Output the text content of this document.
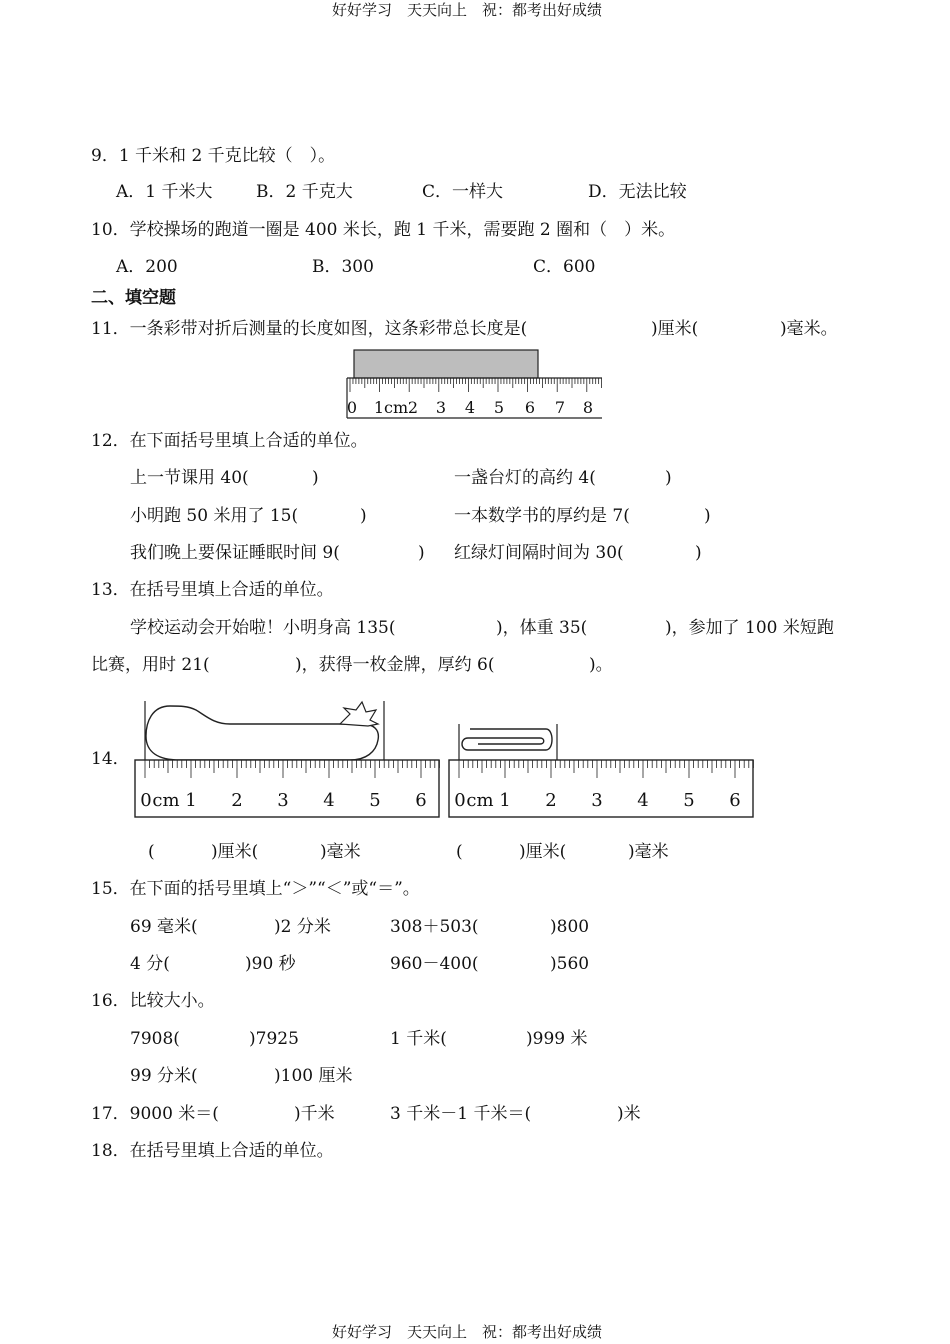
好好学习　天天向上　祝：都考出好成绩
好好学习　天天向上　祝：都考出好成绩
9．1 千米和 2 千克比较（　）。
A．1 千米大	B．2 千克大	C．一样大	D．无法比较
10．学校操场的跑道一圈是 400 米长，跑 1 千米，需要跑 2 圈和（　）米。
A．200	B．300	C．600
二、填空题
11．一条彩带对折后测量的长度如图，这条彩带总长度是(	)厘米(	)毫米。
0 1cm 2 3 4 5 6 7 8
12．在下面括号里填上合适的单位。
上一节课用 40(	)	一盏台灯的高约 4(	)
小明跑 50 米用了 15(	)	一本数学书的厚约是 7(	)
我们晚上要保证睡眠时间 9(	) 红绿灯间隔时间为 30(	)
13．在括号里填上合适的单位。
学校运动会开始啦！小明身高 135(	)，体重 35(	)，参加了 100 米短跑
比赛，用时 21(	)，获得一枚金牌，厚约 6(	)。
14．
0 cm 1 2 3 4 5 6 0 cm 1 2 3 4 5 6
(	)厘米(	)毫米	(	)厘米(	)毫米
15．在下面的括号里填上“＞”“＜”或“＝”。
69 毫米(	)2 分米	308＋503(	)800
4 分(	)90 秒	960－400(	)560
16．比较大小。
7908(	)7925	1 千米(	)999 米
99 分米(	)100 厘米
17．9000 米＝(	)千米	3 千米－1 千米＝(	)米
18．在括号里填上合适的单位。
